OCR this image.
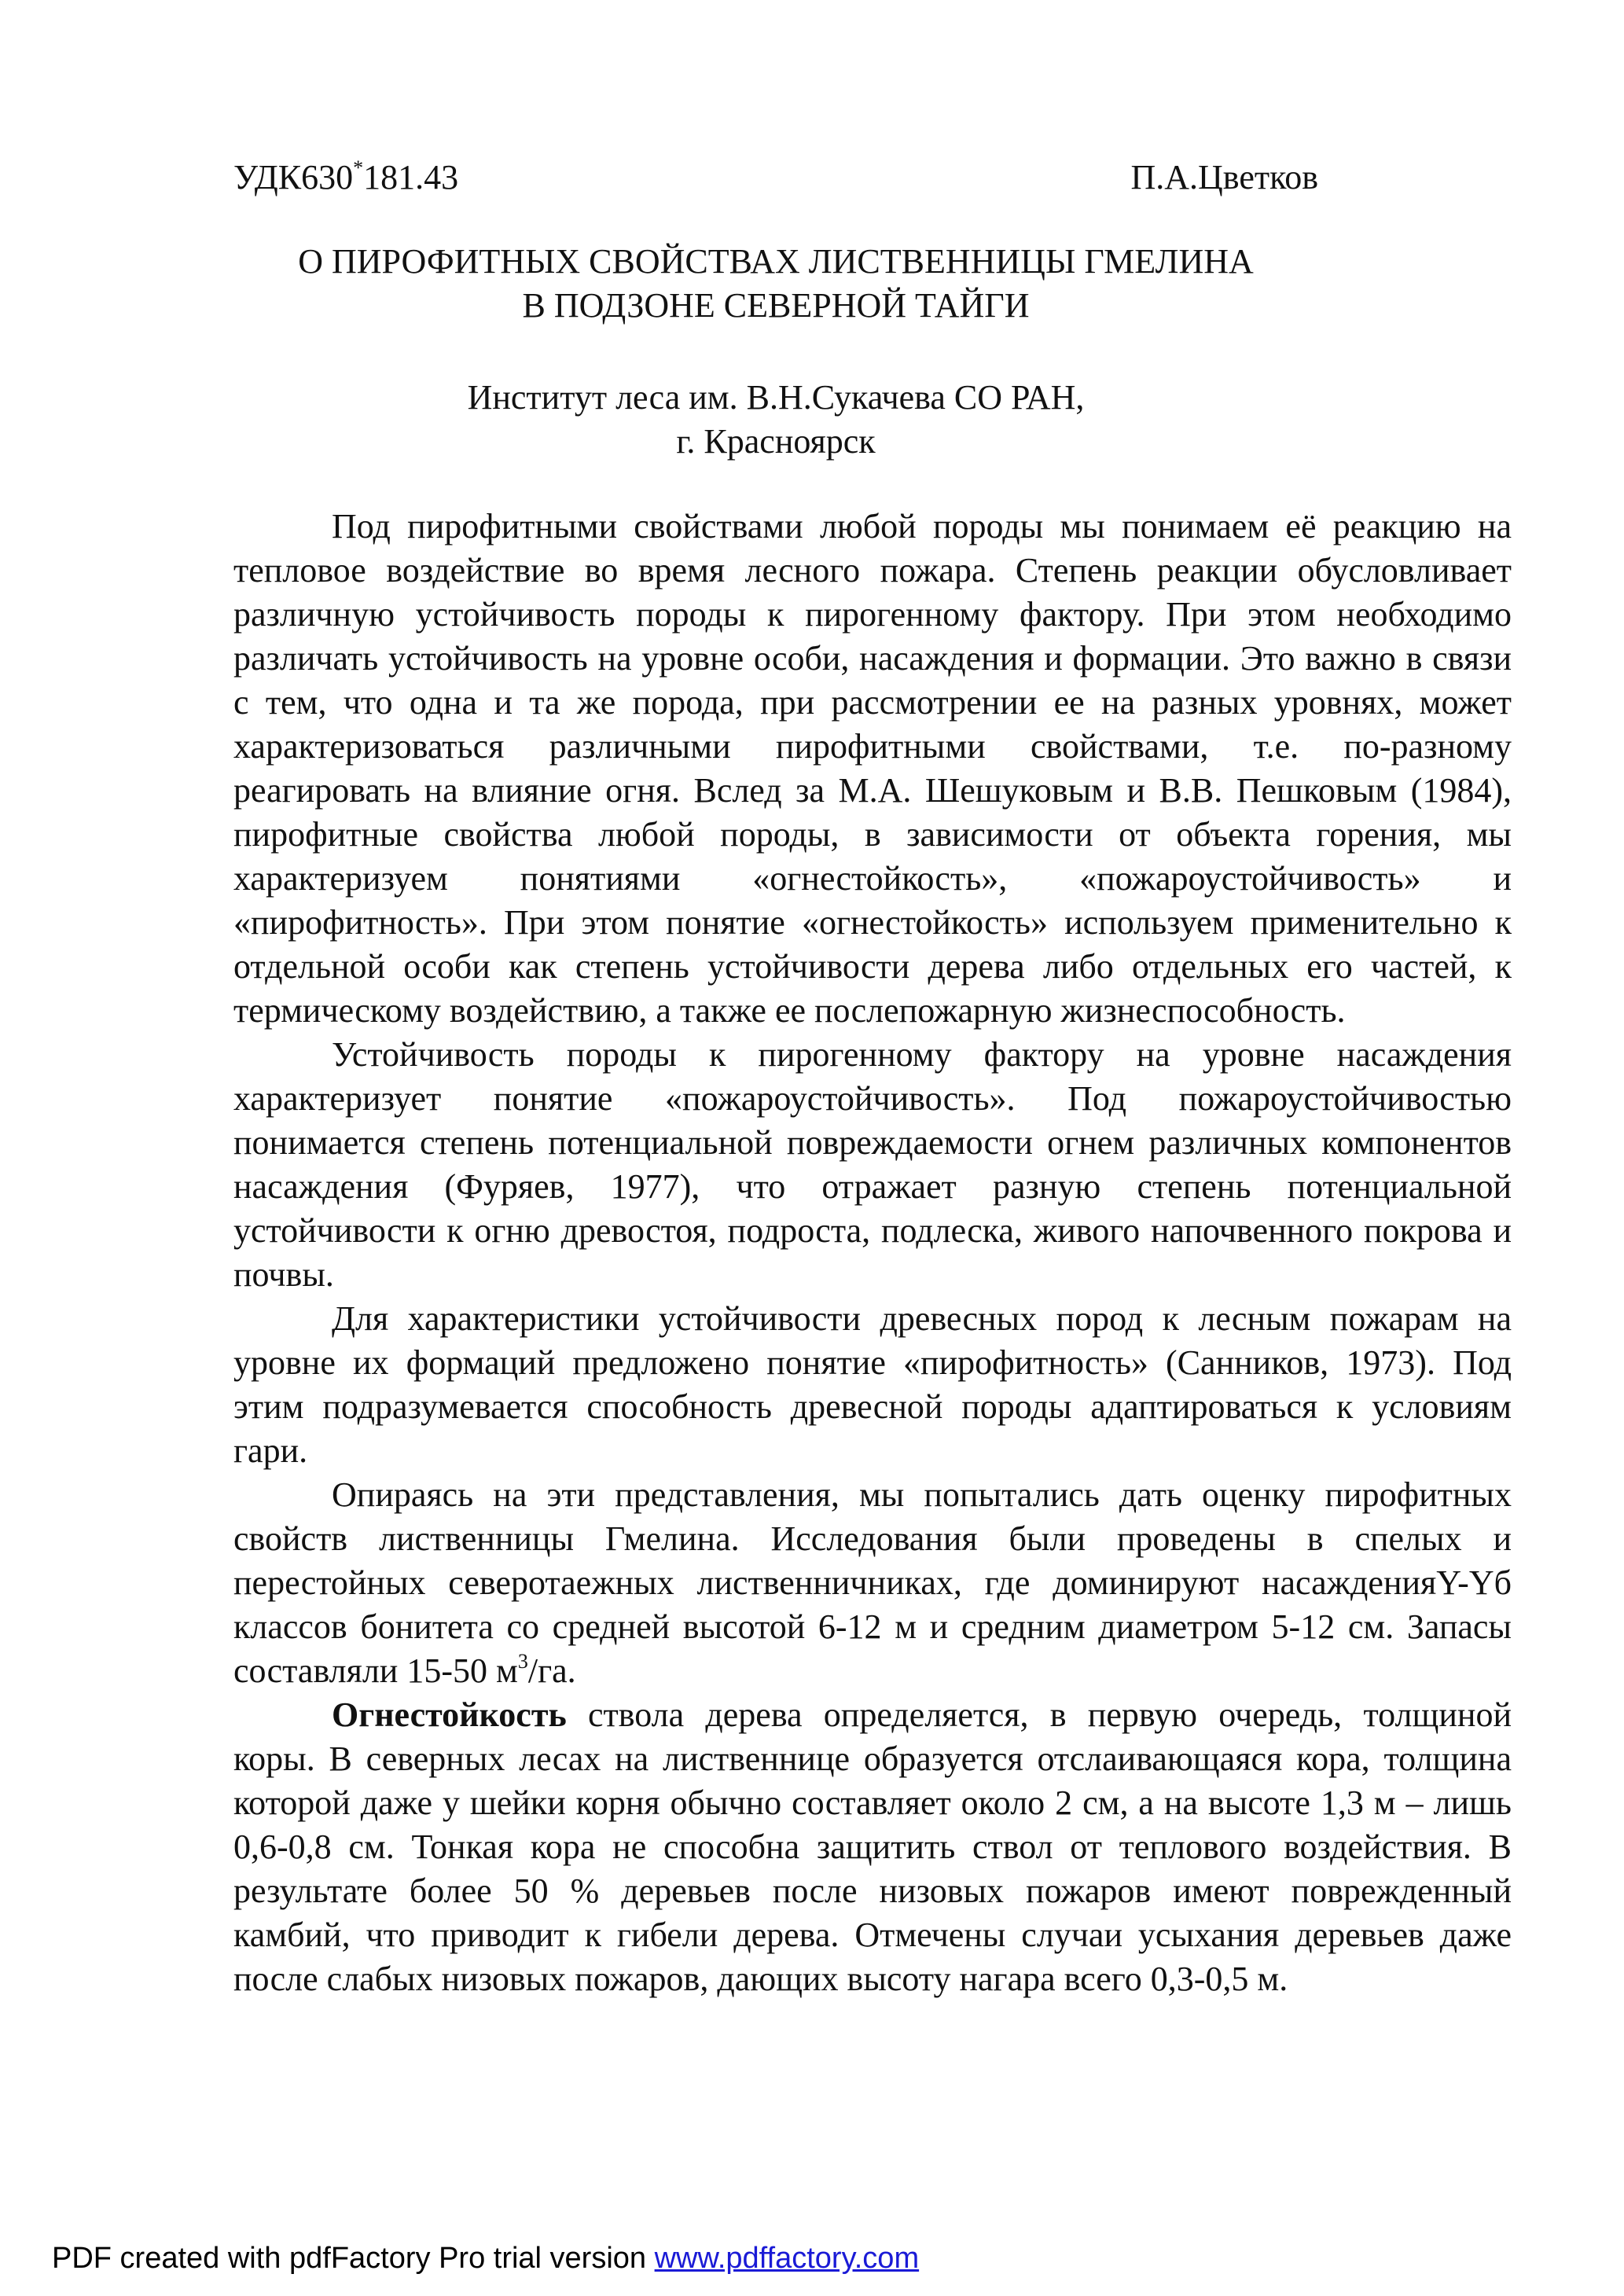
УДК630*181.43	П.А.Цветков
О ПИРОФИТНЫХ СВОЙСТВАХ ЛИСТВЕННИЦЫ ГМЕЛИНА
В ПОДЗОНЕ СЕВЕРНОЙ ТАЙГИ
Институт леса им. В.Н.Сукачева СО РАН,
г. Красноярск

Под пирофитными свойствами любой породы мы понимаем её реакцию на тепловое воздействие во время лесного пожара. Степень реакции обусловливает различную устойчивость породы к пирогенному фактору. При этом необходимо различать устойчивость на уровне особи, насаждения и формации. Это важно в связи с тем, что одна и та же порода, при рассмотрении ее на разных уровнях, может характеризоваться различными пирофитными свойствами, т.е. по-разному реагировать на влияние огня. Вслед за М.А. Шешуковым и В.В. Пешковым (1984), пирофитные свойства любой породы, в зависимости от объекта горения, мы характеризуем понятиями «огнестойкость», «пожароустойчивость» и «пирофитность». При этом понятие «огнестойкость» используем применительно к отдельной особи как степень устойчивости дерева либо отдельных его частей, к термическому воздействию, а также ее послепожарную жизнеспособность.

Устойчивость породы к пирогенному фактору на уровне насаждения характеризует понятие «пожароустойчивость». Под пожароустойчивостью понимается степень потенциальной повреждаемости огнем различных компонентов насаждения (Фуряев, 1977), что отражает разную степень потенциальной устойчивости к огню древостоя, подроста, подлеска, живого напочвенного покрова и почвы.

Для характеристики устойчивости древесных пород к лесным пожарам на уровне их формаций предложено понятие «пирофитность» (Санников, 1973). Под этим подразумевается способность древесной породы адаптироваться к условиям гари.

Опираясь на эти представления, мы попытались дать оценку пирофитных свойств лиственницы Гмелина. Исследования были проведены в спелых и перестойных северотаежных лиственничниках, где доминируют насажденияY-Yб классов бонитета со средней высотой 6-12 м и средним диаметром 5-12 см. Запасы составляли 15-50 $м^3/га$.

Огнестойкость ствола дерева определяется, в первую очередь, толщиной коры. В северных лесах на лиственнице образуется отслаивающаяся кора, толщина которой даже у шейки корня обычно составляет около 2 см, а на высоте 1,3 м – лишь 0,6-0,8 см. Тонкая кора не способна защитить ствол от теплового воздействия. В результате более 50 % деревьев после низовых пожаров имеют поврежденный камбий, что приводит к гибели дерева. Отмечены случаи усыхания деревьев даже после слабых низовых пожаров, дающих высоту нагара всего 0,3-0,5 м.

PDF created with pdfFactory Pro trial version www.pdffactory.com
